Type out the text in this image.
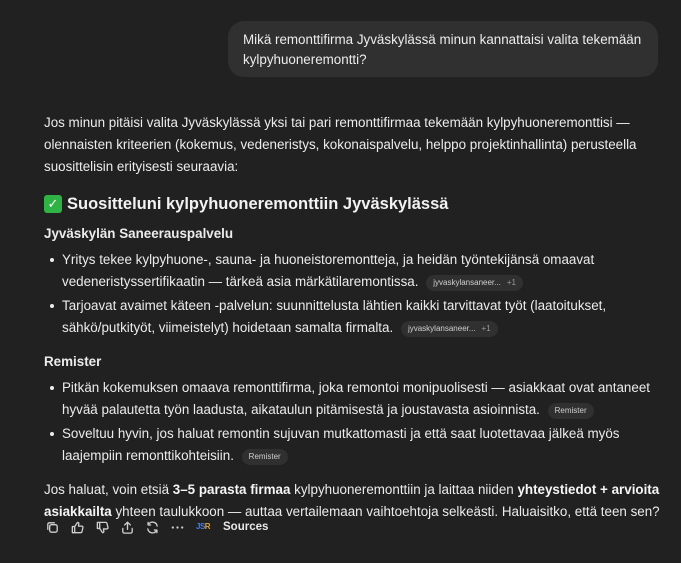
Mikä remonttifirma Jyväskylässä minun kannattaisi valita tekemään
kylpyhuoneremontti?

Jos minun pitäisi valita Jyväskylässä yksi tai pari remonttifirmaa tekemään kylpyhuoneremonttisi — olennaisten kriteerien (kokemus, vedeneristys, kokonaispalvelu, helppo projektinhallinta) perusteella suosittelisin erityisesti seuraavia:

✓ Suositteluni kylpyhuoneremonttiin Jyväskylässä
Jyväskylän Saneerauspalvelu
Yritys tekee kylpyhuone-, sauna- ja huoneistoremontteja, ja heidän työntekijänsä omaavat vedeneristyssertifikaatin — tärkeä asia märkätilaremontissa. jyvaskylansaneer... +1
Tarjoavat avaimet käteen -palvelun: suunnittelusta lähtien kaikki tarvittavat työt (laatoitukset, sähkö/putkityöt, viimeistelyt) hoidetaan samalta firmalta. jyvaskylansaneer... +1
Remister
Pitkän kokemuksen omaava remonttifirma, joka remontoi monipuolisesti — asiakkaat ovat antaneet hyvää palautetta työn laadusta, aikataulun pitämisestä ja joustavasta asioinnista. Remister
Soveltuu hyvin, jos haluat remontin sujuvan mutkattomasti ja että saat luotettavaa jälkeä myös laajempiin remonttikohteisiin. Remister

Jos haluat, voin etsiä 3–5 parasta firmaa kylpyhuoneremonttiin ja laittaa niiden yhteystiedot + arvioita asiakkailta yhteen taulukkoon — auttaa vertailemaan vaihtoehtoja selkeästi. Haluaisitko, että teen sen?

JSR	Sources
